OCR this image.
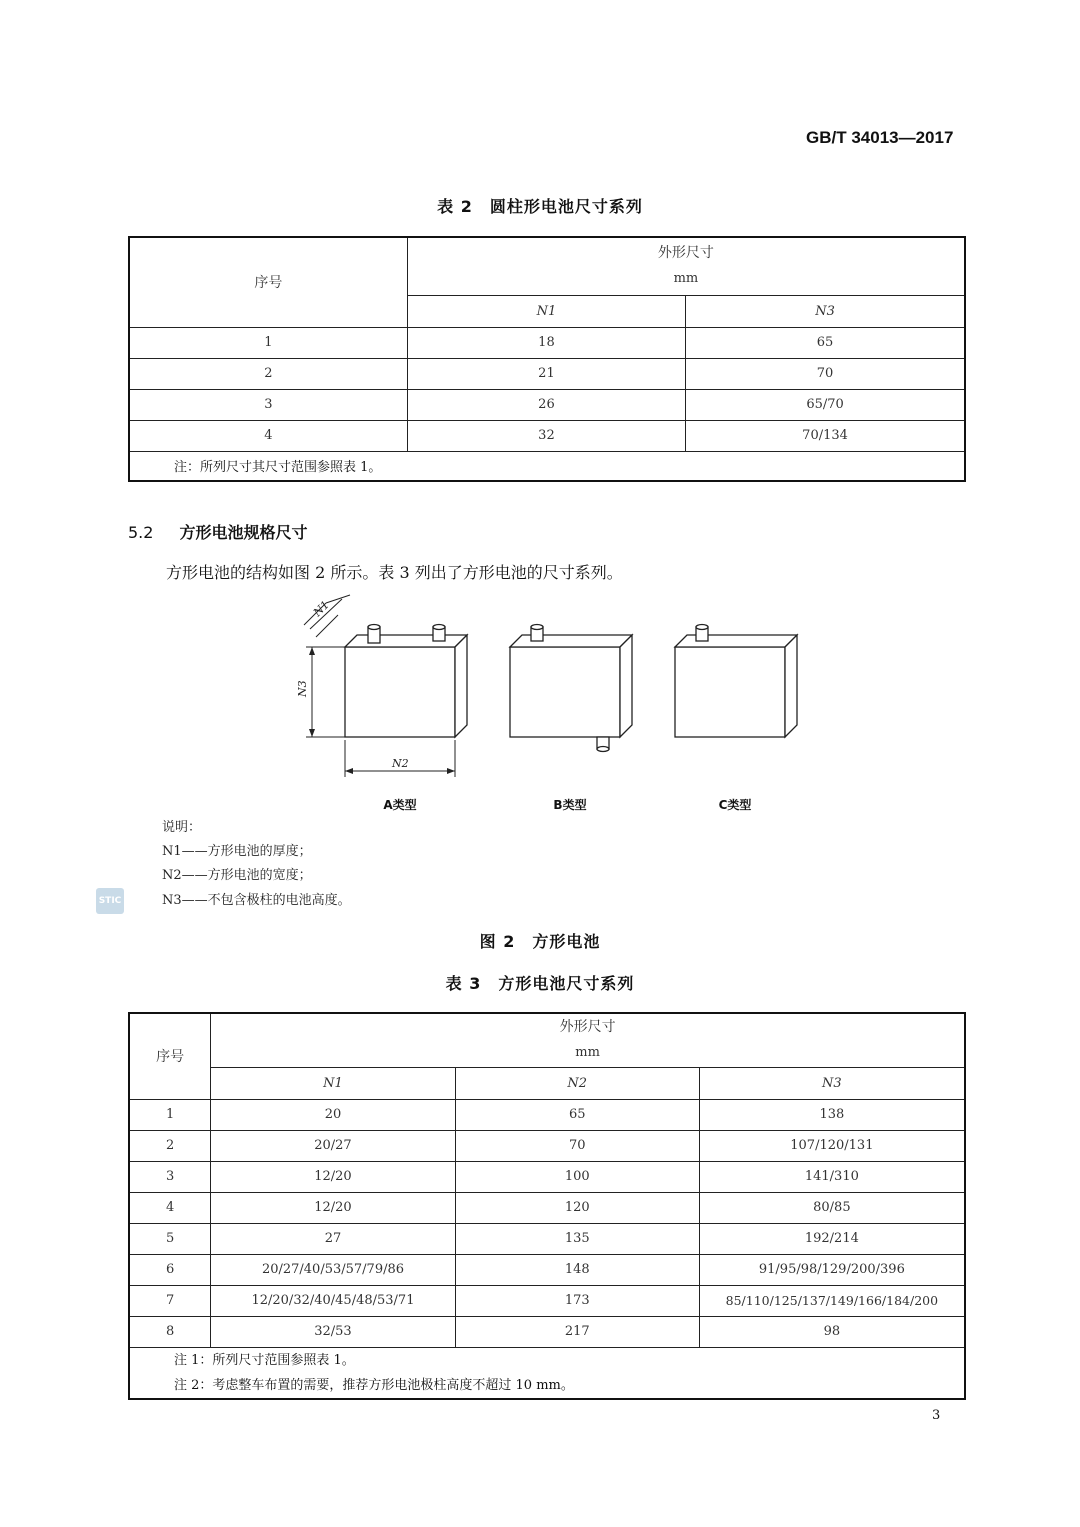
GB/T 34013—2017
表 2　圆柱形电池尺寸系列
序号	外形尺寸
mm	

	N1	N3
1	18	65
2	21	70
3	26	65/70
4	32	70/134
注：所列尺寸其尺寸范围参照表 1。		
5.2 方形电池规格尺寸
方形电池的结构如图 2 所示。表 3 列出了方形电池的尺寸系列。
N1
N3
N2
A类型	B类型	C类型
说明：
N1——方形电池的厚度；
N2——方形电池的宽度；
N3——不包含极柱的电池高度。
STIC
图 2　方形电池
表 3　方形电池尺寸系列
序号	外形尺寸
mm		

	N1	N2	N3
1	20	65	138
2	20/27	70	107/120/131
3	12/20	100	141/310
4	12/20	120	80/85
5	27	135	192/214
6	20/27/40/53/57/79/86	148	91/95/98/129/200/396
7	12/20/32/40/45/48/53/71	173	85/110/125/137/149/166/184/200
8	32/53	217	98

注 1：所列尺寸范围参照表 1。
注 2：考虑整车布置的需要，推荐方形电池极柱高度不超过 10 mm。			
3
